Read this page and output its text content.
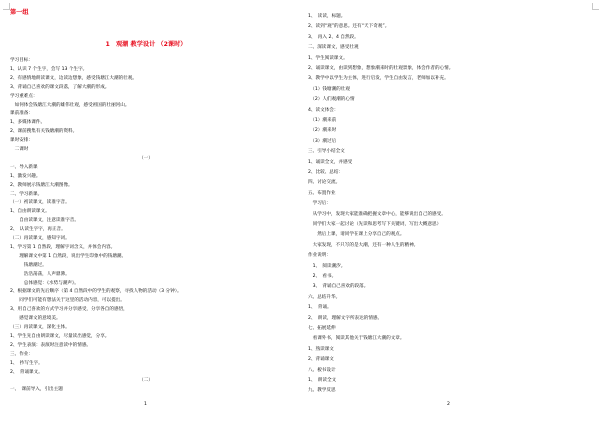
第一组
1　观潮 教学设计 （2课时）
学习目标：
1、认识 7 个生字，会写 13 个生字。
2、有感情地朗读课文，边读边想象，感受钱塘江大潮的壮观。
3、背诵自己喜欢的课文段落，了解大潮的形成。
学习重难点：
　如何体会钱塘江大潮的雄伟壮观，感受祖国的壮丽河山。
课前准备：
1、多媒体课件。
2、课前搜集有关钱塘潮的资料。
课时安排：
　二课时
（一）
一、导入新课
1、激发兴趣。
2、教师展示钱塘江大潮图像。
二、学习新课。
（一）初读课文，读准字音。
1、自由朗读课文。
　　自由读课文，注意读准字音。
2、　认读生字字，再正音。
（二）再读课文，感知字词。
1、学习第 1 自然段，理解字词含义，并体会内容。
　　理解课文中第 1 自然段，说出学生印象中的钱塘潮。
　　　钱塘潮过。
　　　浩浩荡荡，人声鼎沸。
　　　总体感觉：《水势与潮声》。
2、根据课文的先后顺序（第 4 自然段中的学生的观察，寻找人物的活动（3 分钟）。
　　同学们可能有想法关于这里的活动内容，可以提出。
3、用自己喜欢的方式学习并分享感受，分享各自的感悟，
　　感觉课文的意境美。
（三）再读课文，深化主体。
1、学生先自由朗读课文，尽量读出感觉，分享。
2、学生表演：表演时注意读中的情感。
三、作业：
1、　抄写生字。
2、　背诵课文。
（二）
一、　课前导入，引出主题
1
1、　读读，标题。
2、读到“观”的意思。还有“天下奇观”。
3、　再入 2、4 自然段。
二、深读课文，感受壮观
1、学生阅读课文。
2、诵读课文，由读到想象，想象潮来时的壮观景象，体会作者的心情。
3、教学中以学生为主体，进行启发，学生自由发言，老师加以补充。
　（1）钱塘潮的壮观
　（2）人们观潮的心情
4、读文体会：
　（1）潮来前
　（2）潮来时
　（3）潮过后
三、引导小结全文
1、诵读全文，并感受
2、比较、总结：
四、讨论交流。
五、布置作业
　学习后：
　从学习中，发现大家能准确把握文章中心，能够说出自己的感受。
　同学们大家一起讨论（先读和思考写下关键词，写出大概意思）
　　然后上课，请同学在课上分享自己的观点。
　大家发现，不只写的是大潮，还有一种人生的精神。
作业说明：
　1、　阅读潮汐。
　2、　看书。
　3、　背诵自己喜欢的段落。
六、总结升华。
1、　背诵。
2、　朗读，理解文字所表达的情感。
七、拓展延伸
　看课外书，阅读其他关于钱塘江大潮的文章。
1、熟读课文
2、背诵课文
八、板书设计
1、　朗读全文
九、教学反思
2
